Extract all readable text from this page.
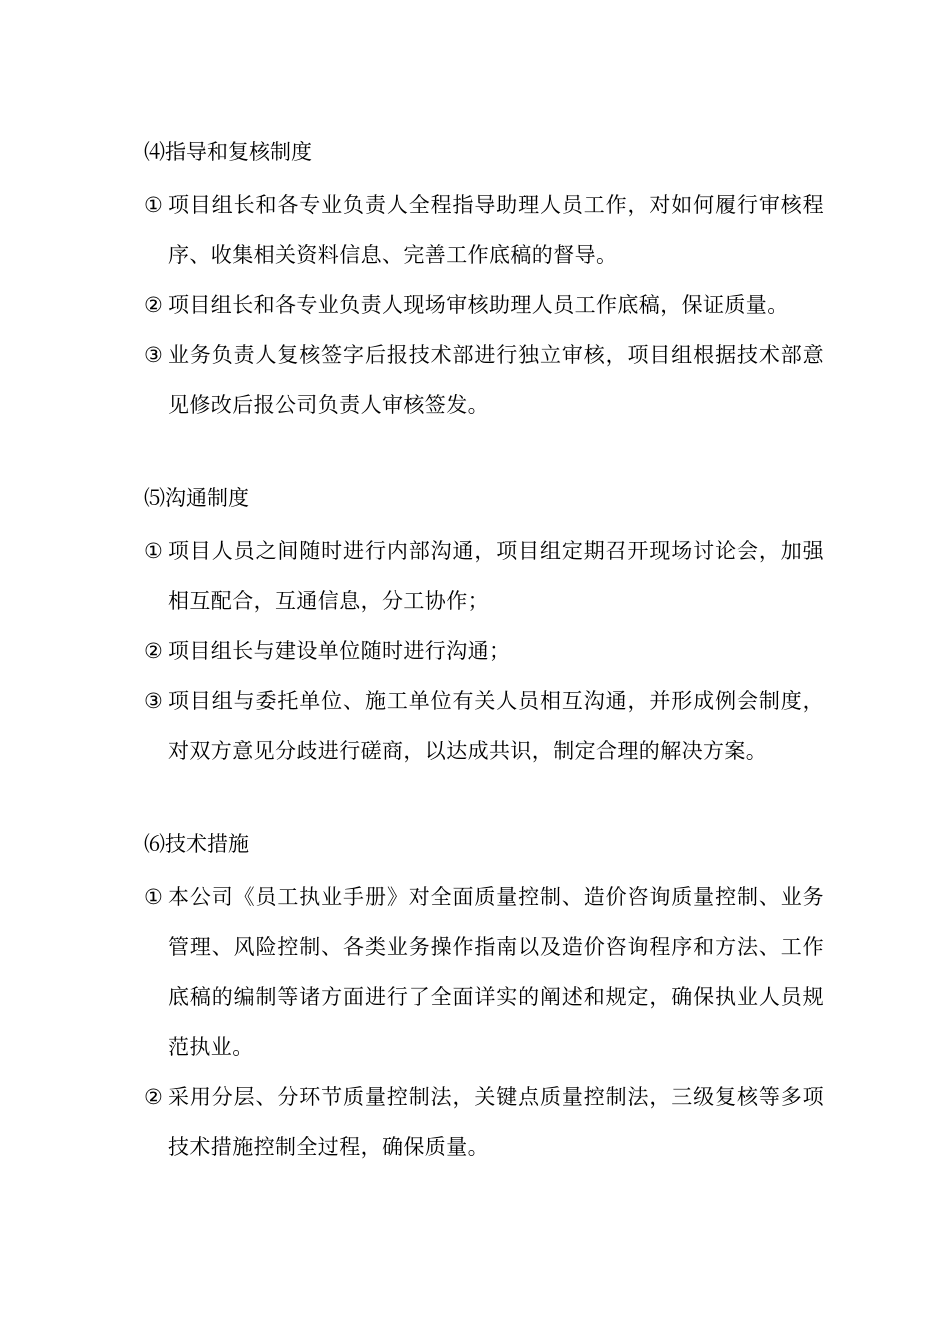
⑷指导和复核制度

① 项目组长和各专业负责人全程指导助理人员工作，对如何履行审核程序、收集相关资料信息、完善工作底稿的督导。
② 项目组长和各专业负责人现场审核助理人员工作底稿，保证质量。
③ 业务负责人复核签字后报技术部进行独立审核，项目组根据技术部意见修改后报公司负责人审核签发。

⑸沟通制度

① 项目人员之间随时进行内部沟通，项目组定期召开现场讨论会，加强相互配合，互通信息，分工协作；
② 项目组长与建设单位随时进行沟通；
③ 项目组与委托单位、施工单位有关人员相互沟通，并形成例会制度，对双方意见分歧进行磋商，以达成共识，制定合理的解决方案。

⑹技术措施

① 本公司《员工执业手册》对全面质量控制、造价咨询质量控制、业务管理、风险控制、各类业务操作指南以及造价咨询程序和方法、工作底稿的编制等诸方面进行了全面详实的阐述和规定，确保执业人员规范执业。
② 采用分层、分环节质量控制法，关键点质量控制法，三级复核等多项技术措施控制全过程，确保质量。
